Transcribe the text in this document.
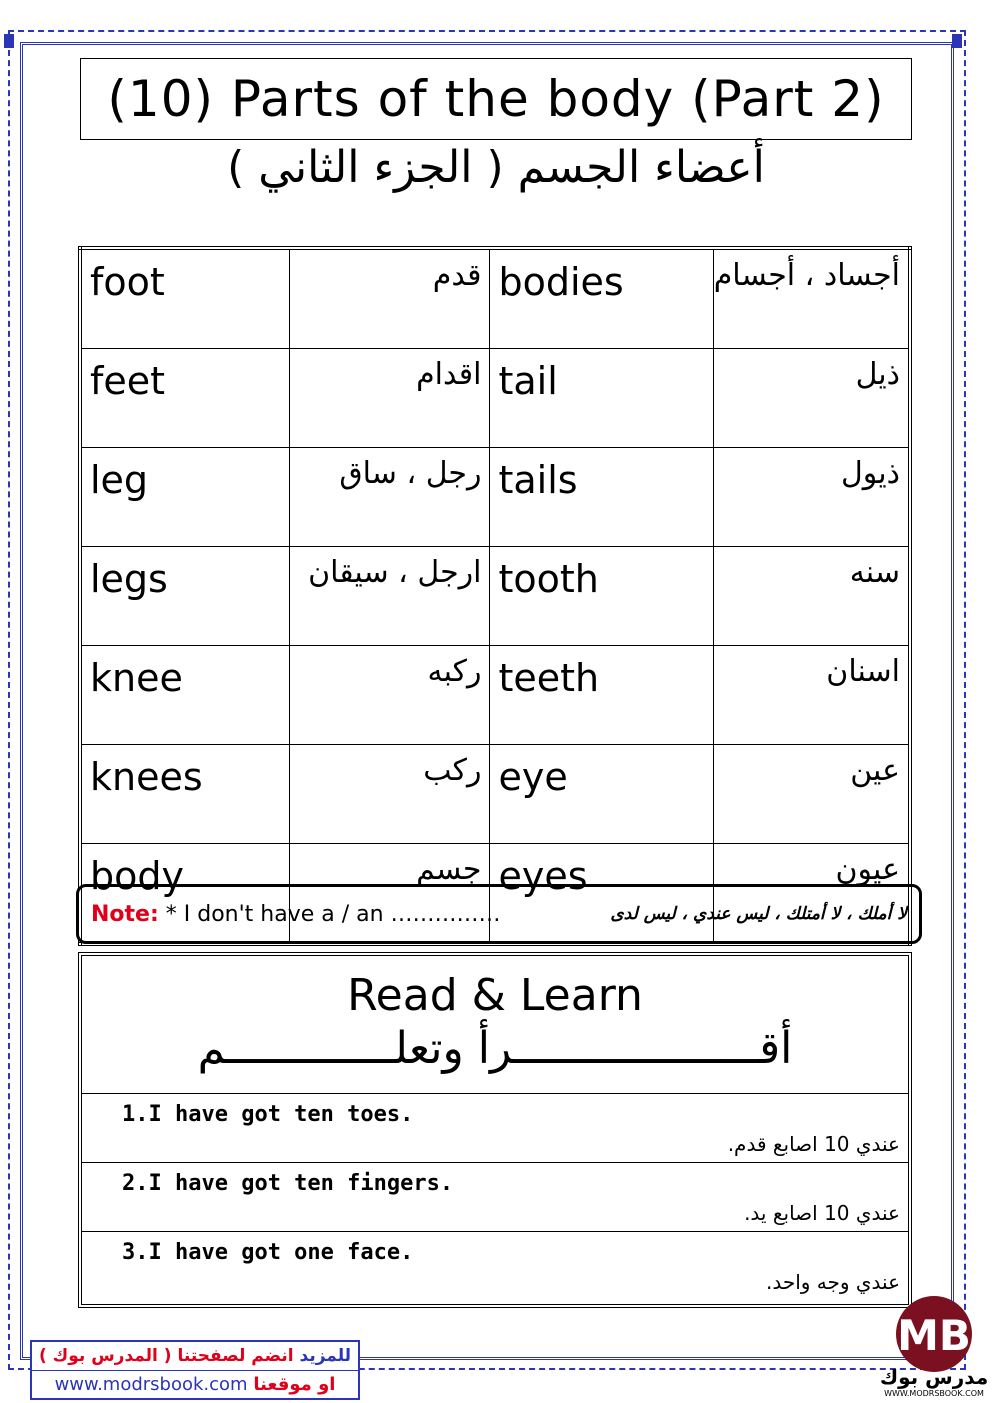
(10) Parts of the body (Part 2)
أعضاء الجسم ( الجزء الثاني )
foot	قدم	bodies	أجساد ، أجسام
feet	اقدام	tail	ذيل
leg	رجل ، ساق	tails	ذيول
legs	ارجل ، سيقان	tooth	سنه
knee	ركبه	teeth	اسنان
knees	ركب	eye	عين
body	جسم	eyes	عيون
Note: * I don't have a / an ……………	لا أملك ، لا أمتلك ، ليس عندي ، ليس لدى
Read & Learn
أقـــــــــــــــــــرأ وتعلـــــــــــــم
1.I have got ten toes.
عندي 10 اصابع قدم.
2.I have got ten fingers.
عندي 10 اصابع يد.
3.I have got one face.
عندي وجه واحد.
للمزيد انضم لصفحتنا ( المدرس بوك )
www.modrsbook.com او موقعنا
MB
مدرس بوك
WWW.MODRSBOOK.COM
